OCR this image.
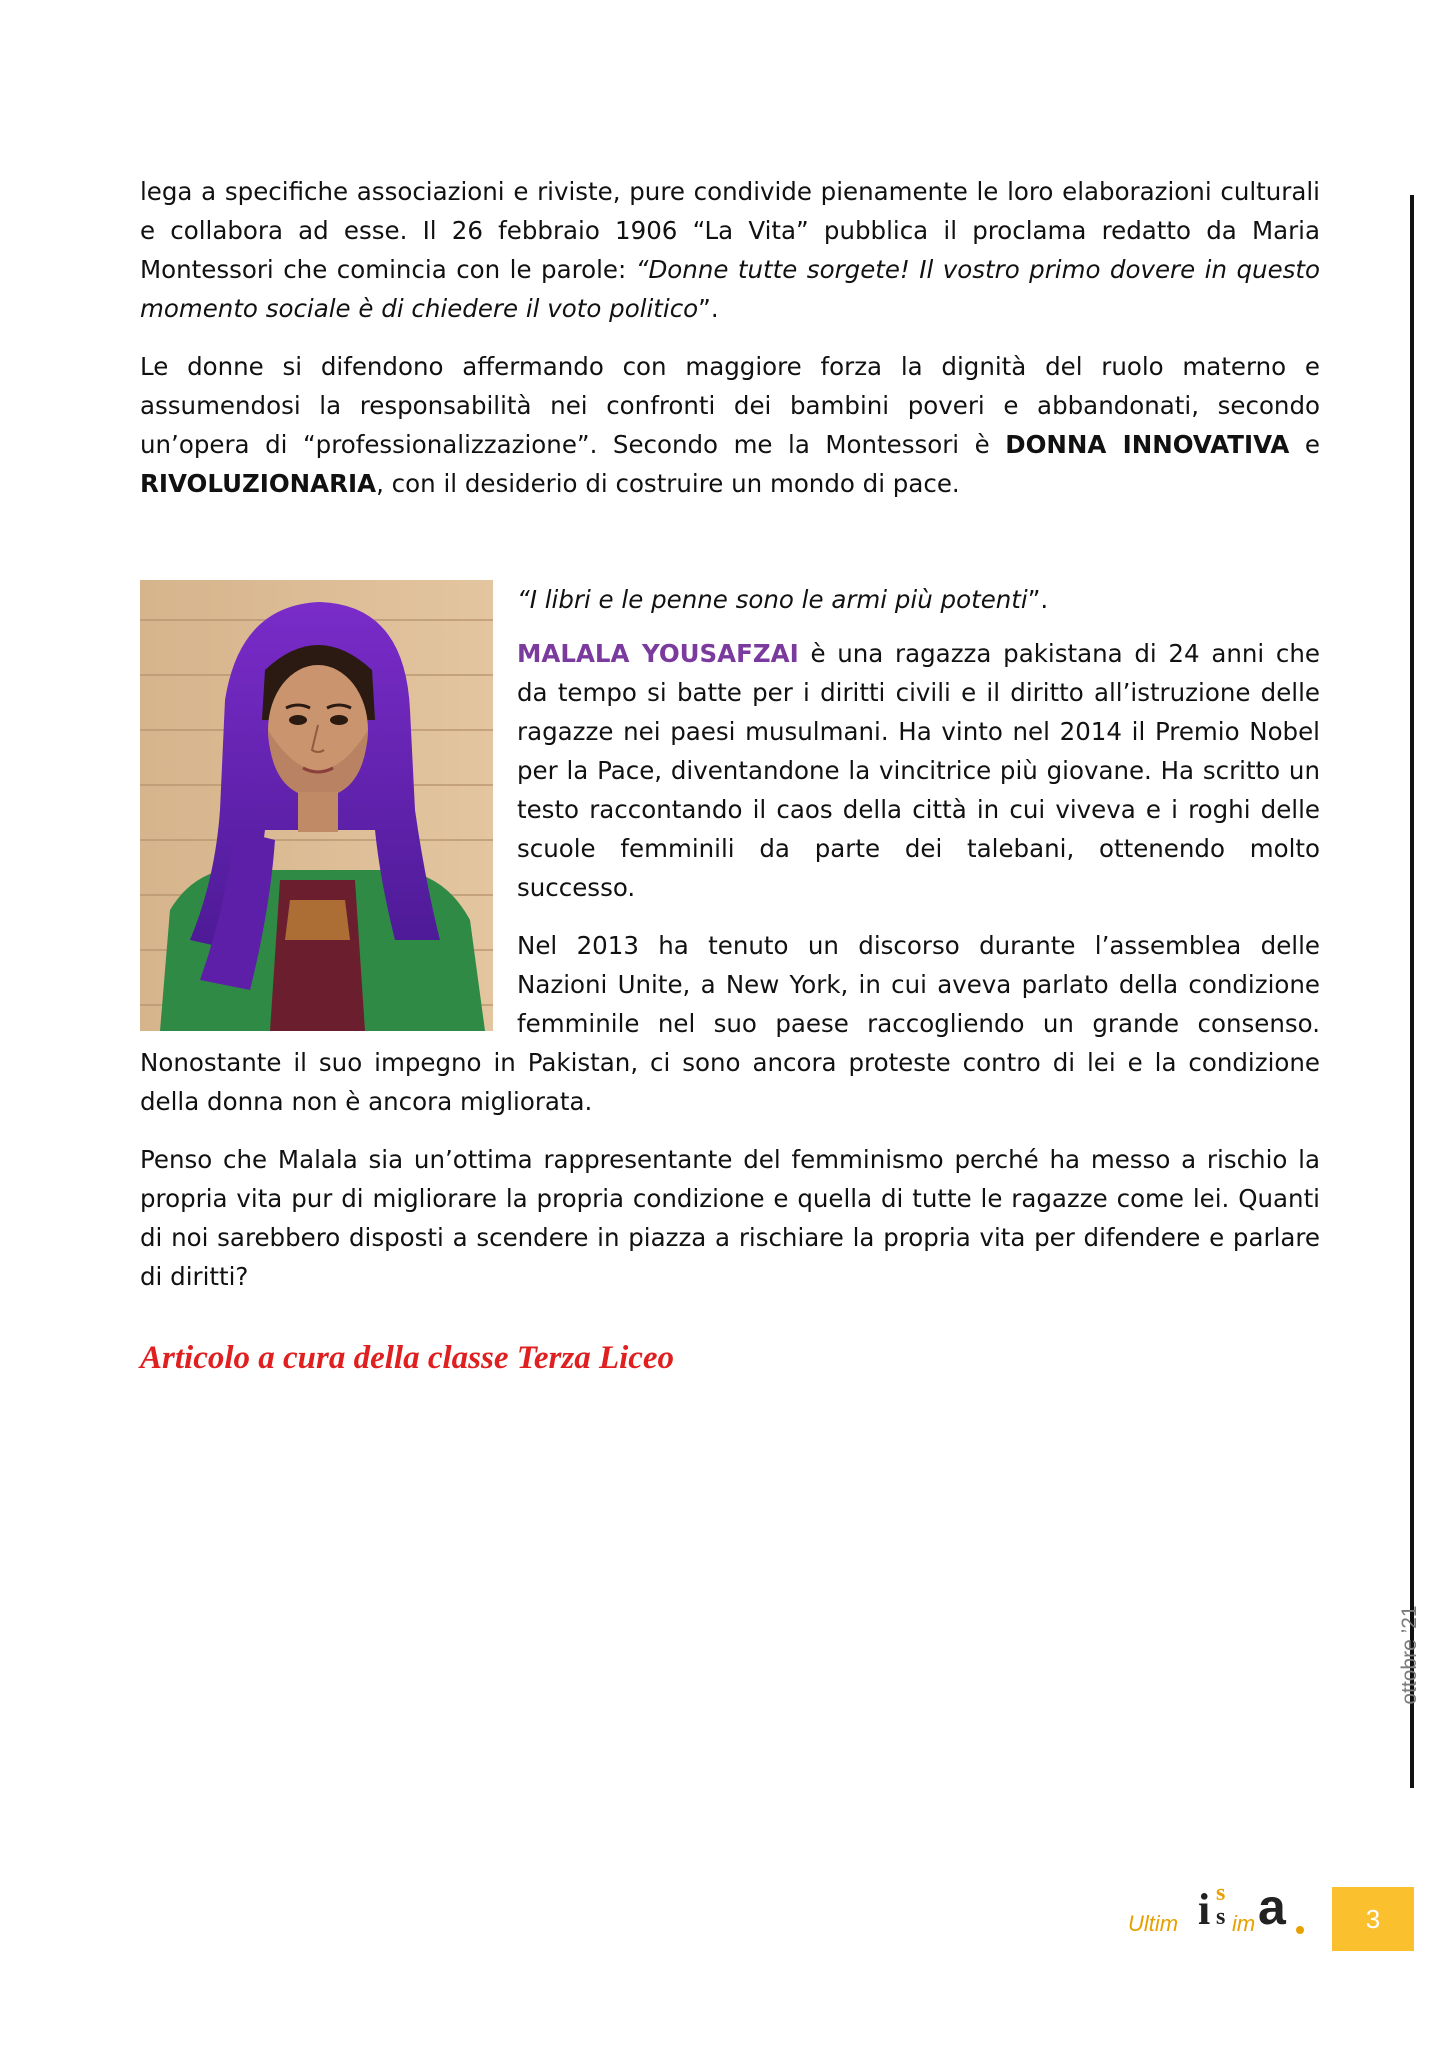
lega a specifiche associazioni e riviste, pure condivide pienamente le loro elaborazioni culturali e collabora ad esse. Il 26 febbraio 1906 “La Vita” pubblica il proclama redatto da Maria Montessori che comincia con le parole: “Donne tutte sorgete! Il vostro primo dovere in questo momento sociale è di chiedere il voto politico”.

Le donne si difendono affermando con maggiore forza la dignità del ruolo materno e assumendosi la responsabilità nei confronti dei bambini poveri e abbandonati, secondo un’opera di “professionalizzazione”. Secondo me la Montessori è DONNA INNOVATIVA e RIVOLUZIONARIA, con il desiderio di costruire un mondo di pace.

“I libri e le penne sono le armi più potenti”.

MALALA YOUSAFZAI è una ragazza pakistana di 24 anni che da tempo si batte per i diritti civili e il diritto all’istruzione delle ragazze nei paesi musulmani. Ha vinto nel 2014 il Premio Nobel per la Pace, diventandone la vincitrice più giovane. Ha scritto un testo raccontando il caos della città in cui viveva e i roghi delle scuole femminili da parte dei talebani, ottenendo molto successo.

Nel 2013 ha tenuto un discorso durante l’assemblea delle Nazioni Unite, a New York, in cui aveva parlato della condizione femminile nel suo paese raccogliendo un grande consenso. Nonostante il suo impegno in Pakistan, ci sono ancora proteste contro di lei e la condizione della donna non è ancora migliorata.

Penso che Malala sia un’ottima rappresentante del femminismo perché ha messo a rischio la propria vita pur di migliorare la propria condizione e quella di tutte le ragazze come lei. Quanti di noi sarebbero disposti a scendere in piazza a rischiare la propria vita per difendere e parlare di diritti?

Articolo a cura della classe Terza Liceo
ottobre ’21
Ultim i s
s im a	3
